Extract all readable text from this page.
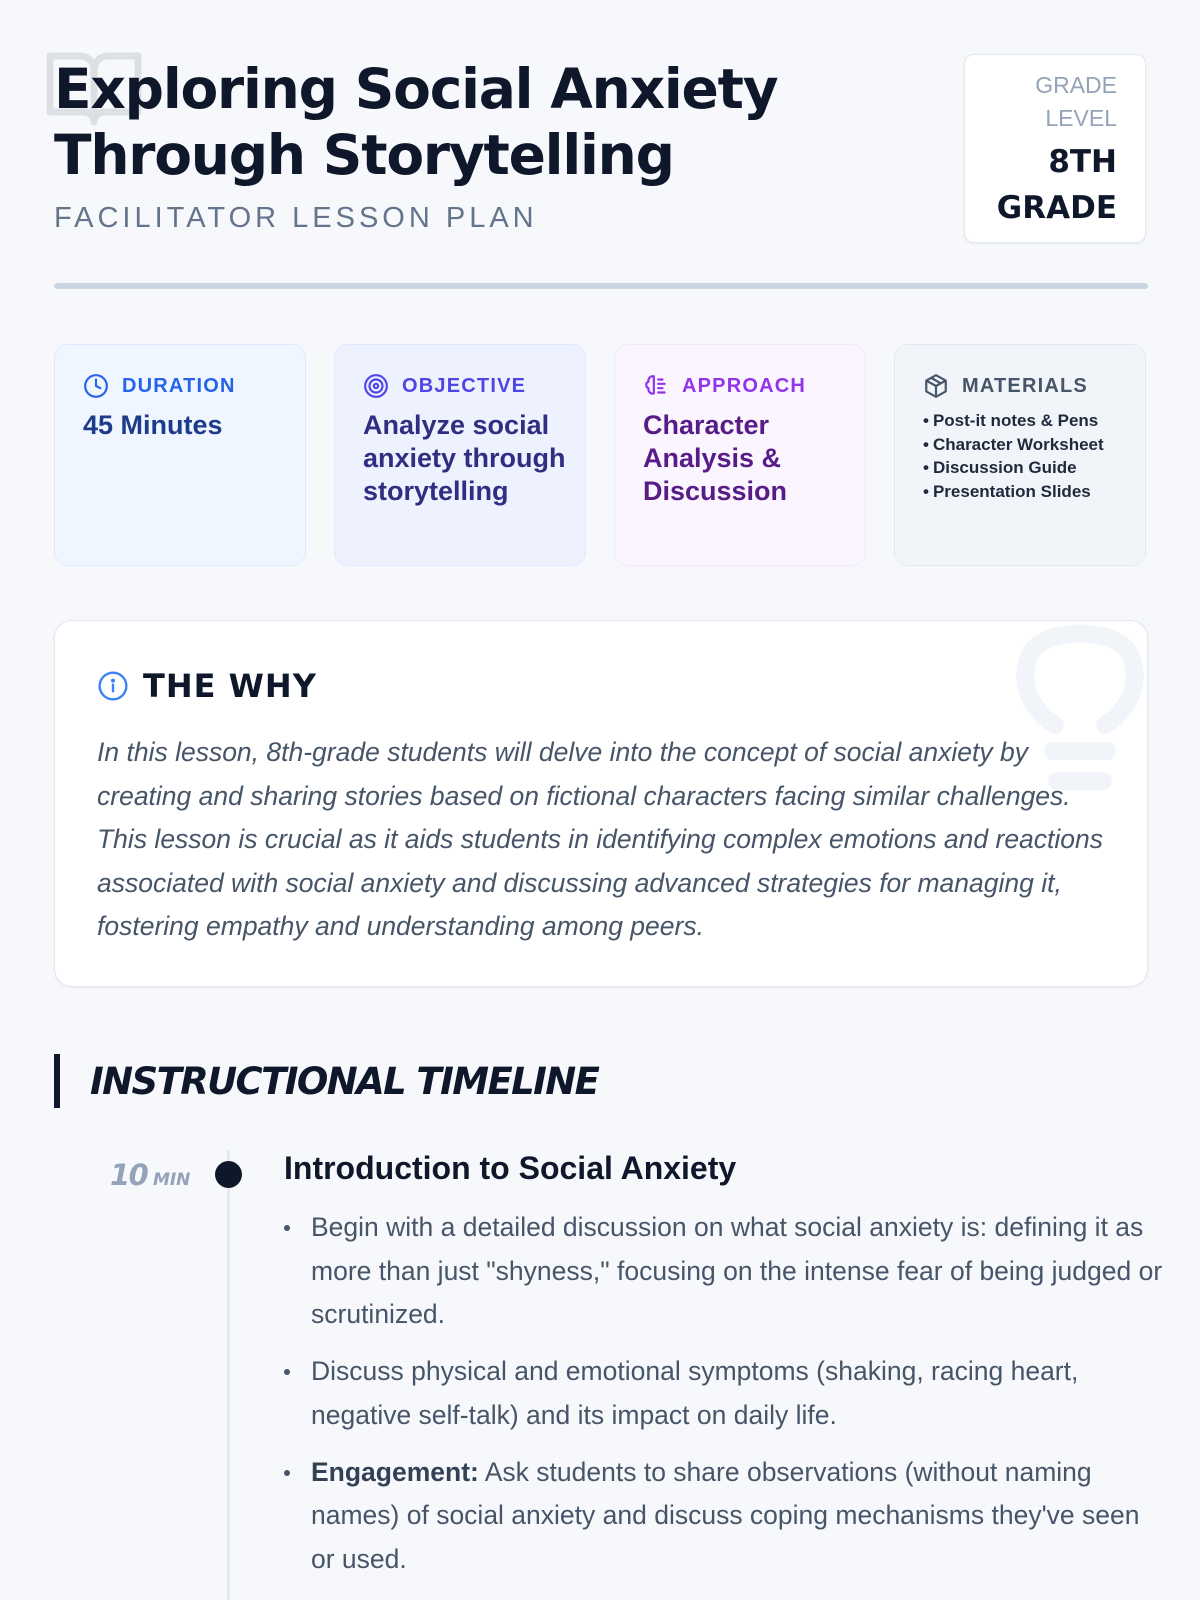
Exploring Social Anxiety Through Storytelling
FACILITATOR LESSON PLAN
GRADE
LEVEL
8TH
GRADE
DURATION
45 Minutes
OBJECTIVE
Analyze social anxiety through storytelling
APPROACH
Character Analysis & Discussion
MATERIALS
• Post-it notes & Pens
• Character Worksheet
• Discussion Guide
• Presentation Slides
THE WHY
In this lesson, 8th-grade students will delve into the concept of social anxiety by creating and sharing stories based on fictional characters facing similar challenges. This lesson is crucial as it aids students in identifying complex emotions and reactions associated with social anxiety and discussing advanced strategies for managing it, fostering empathy and understanding among peers.
INSTRUCTIONAL TIMELINE
10 MIN	Introduction to Social Anxiety
Begin with a detailed discussion on what social anxiety is: defining it as more than just "shyness," focusing on the intense fear of being judged or scrutinized.
Discuss physical and emotional symptoms (shaking, racing heart, negative self-talk) and its impact on daily life.
Engagement: Ask students to share observations (without naming names) of social anxiety and discuss coping mechanisms they've seen or used.
